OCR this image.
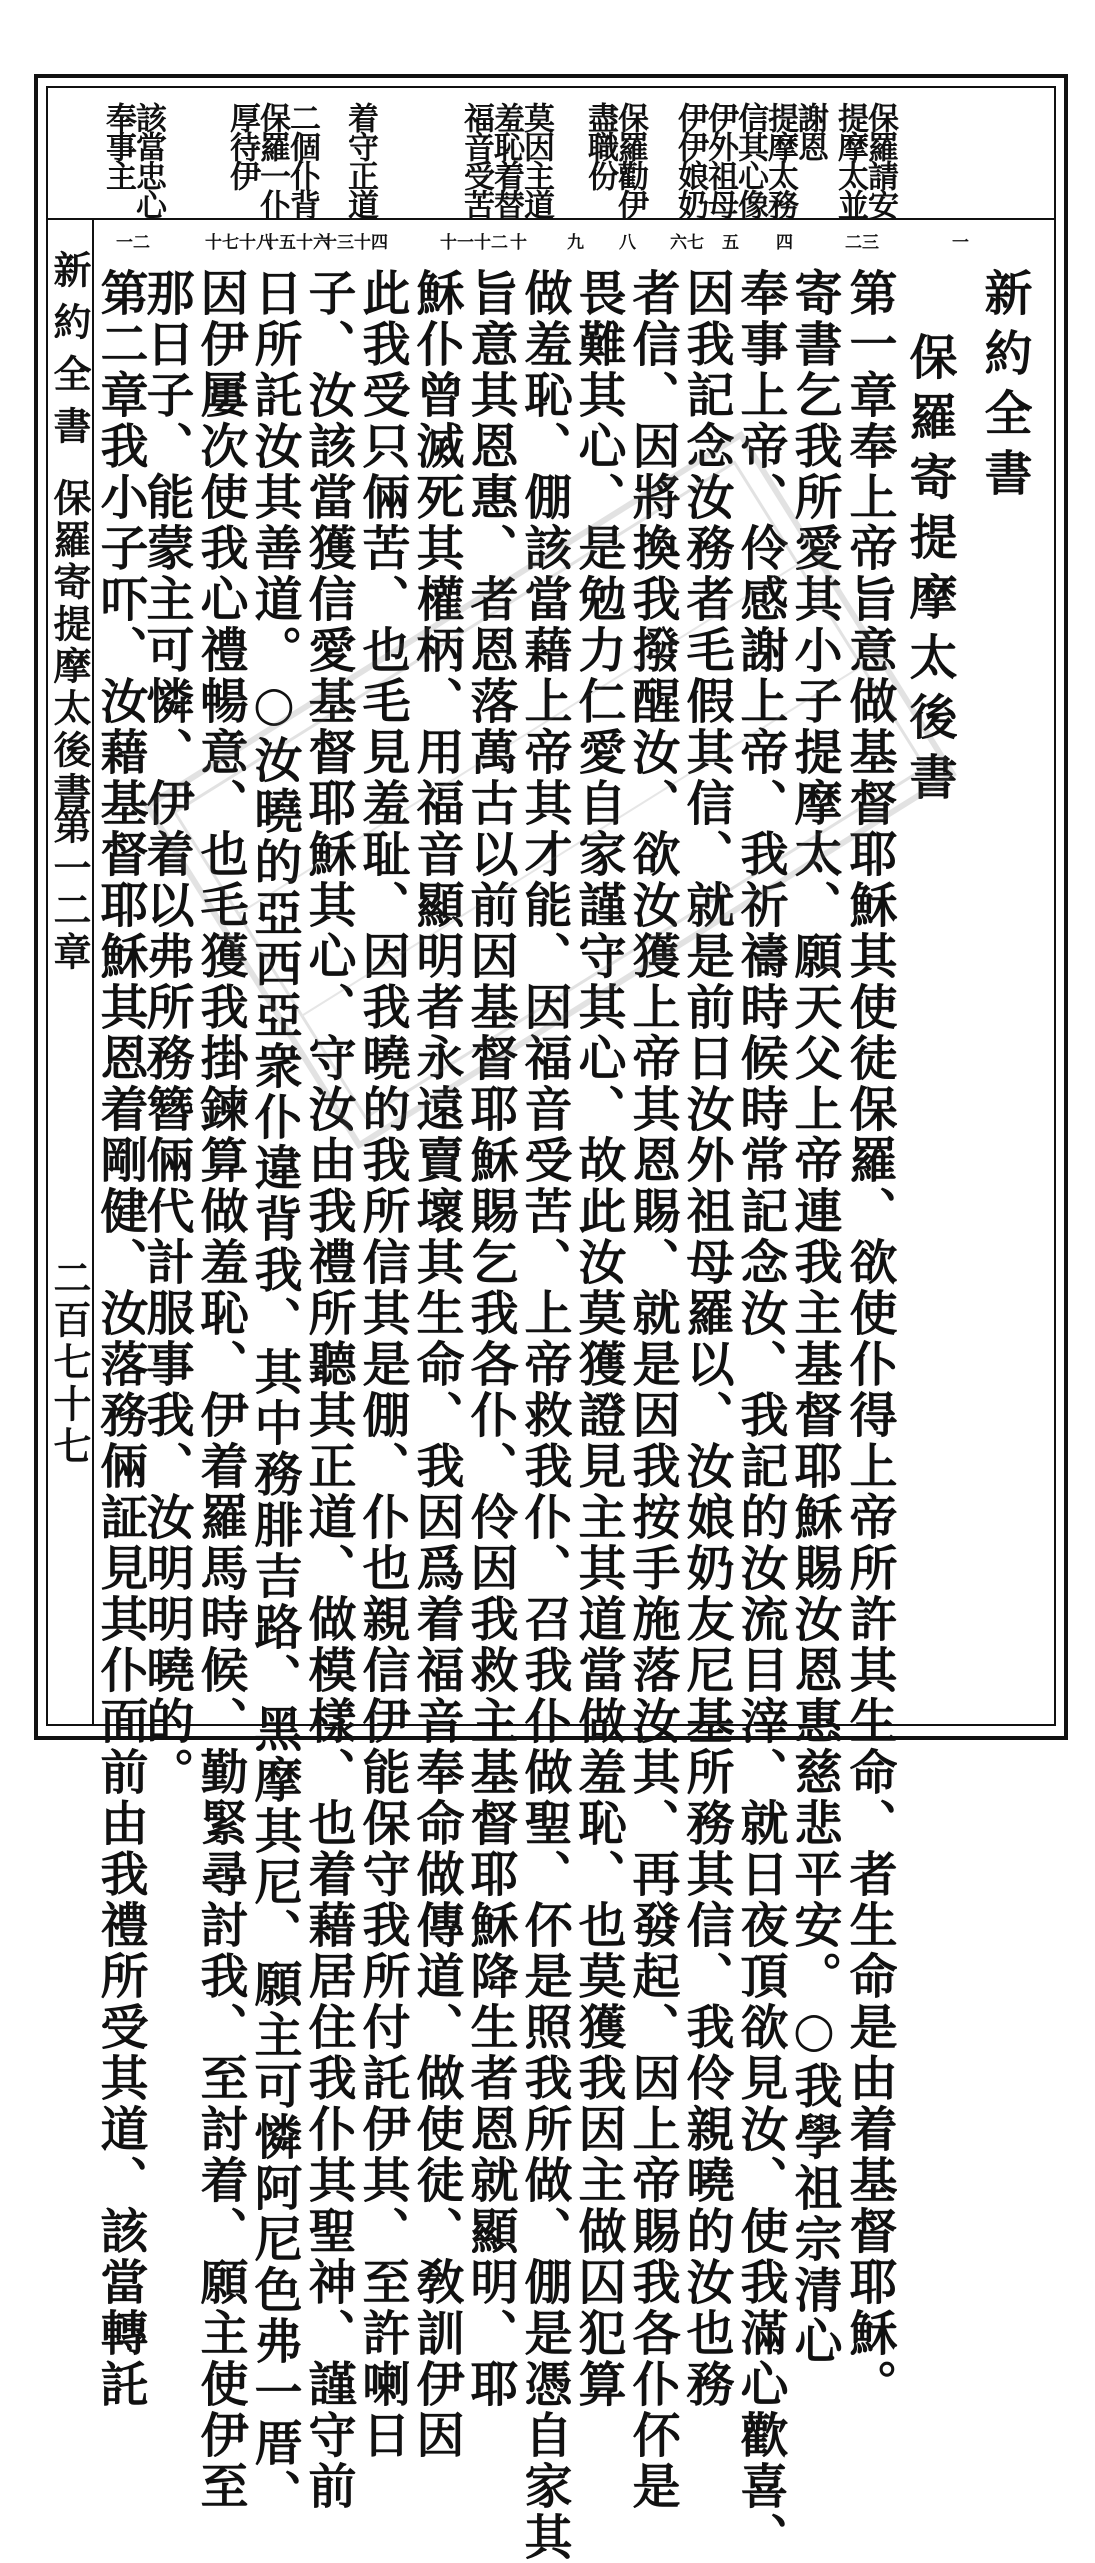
保羅請安
提摩太並
謝恩
提摩太務
信其心像
伊外祖母
伊伊娘奶
保羅勸伊
盡職份
莫因主道
羞恥着替
福音受苦
着守正道
二個仆背
保羅一仆
厚待伊
該當忠心
奉事主
一
二三
四
五
六七
八
九
十
十一十二
十三十四
十五十六
十七十八
一二
新約全書
保羅寄提摩太後書
新約全書
保羅寄提摩太後書
第一二章
二百七十七	第一章奉上帝旨意做基督耶穌其使徒保羅、欲使仆得上帝所許其生命、者生命是由着基督耶穌。
寄書乞我所愛其小子提摩太、願天父上帝連我主基督耶穌賜汝恩惠慈悲平安。○我學祖宗清心
奉事上帝、伶感謝上帝、我祈禱時候時常記念汝、我記的汝流目滓、就日夜頂欲見汝、使我滿心歡喜、
因我記念汝務者毛假其信、就是前日汝外祖母羅以、汝娘奶友尼基所務其信、我伶親曉的汝也務
者信、因將換我撥醒汝、欲汝獲上帝其恩賜、就是因我按手施落汝其、再發起、因上帝賜我各仆伓是
畏難其心、是勉力仁愛自家謹守其心、故此汝莫獲證見主其道當做羞恥、也莫獲我因主做囚犯算
做羞恥、倗該當藉上帝其才能、因福音受苦、上帝救我仆、召我仆做聖、伓是照我所做、倗是憑自家其
旨意其恩惠、者恩落萬古以前因基督耶穌賜乞我各仆、伶因我救主基督耶穌降生者恩就顯明、耶
穌仆曾滅死其權柄、用福音顯明者永遠賣壞其生命、我因爲着福音奉命做傳道、做使徒、敎訓伊因
此我受只倆苦、也毛見羞耻、因我曉的我所信其是倗、仆也親信伊能保守我所付託伊其、至許喇日
子、汝該當獲信愛基督耶穌其心、守汝由我禮所聽其正道、做模樣、也着藉居住我仆其聖神、謹守前
日所託汝其善道。○汝曉的亞西亞衆仆違背我、其中務腓吉路、黑摩其尼、願主可憐阿尼色弗一厝、
因伊屢次使我心禮暢意、也毛獲我掛鍊算做羞恥、伊着羅馬時候、勤緊尋討我、至討着、願主使伊至
那日子、能蒙主可憐、伊着以弗所務簪倆代計服事我、汝明明曉的。
第二章我小子吓、汝藉基督耶穌其恩着剛健、汝落務倆証見其仆面前由我禮所受其道、該當轉託
